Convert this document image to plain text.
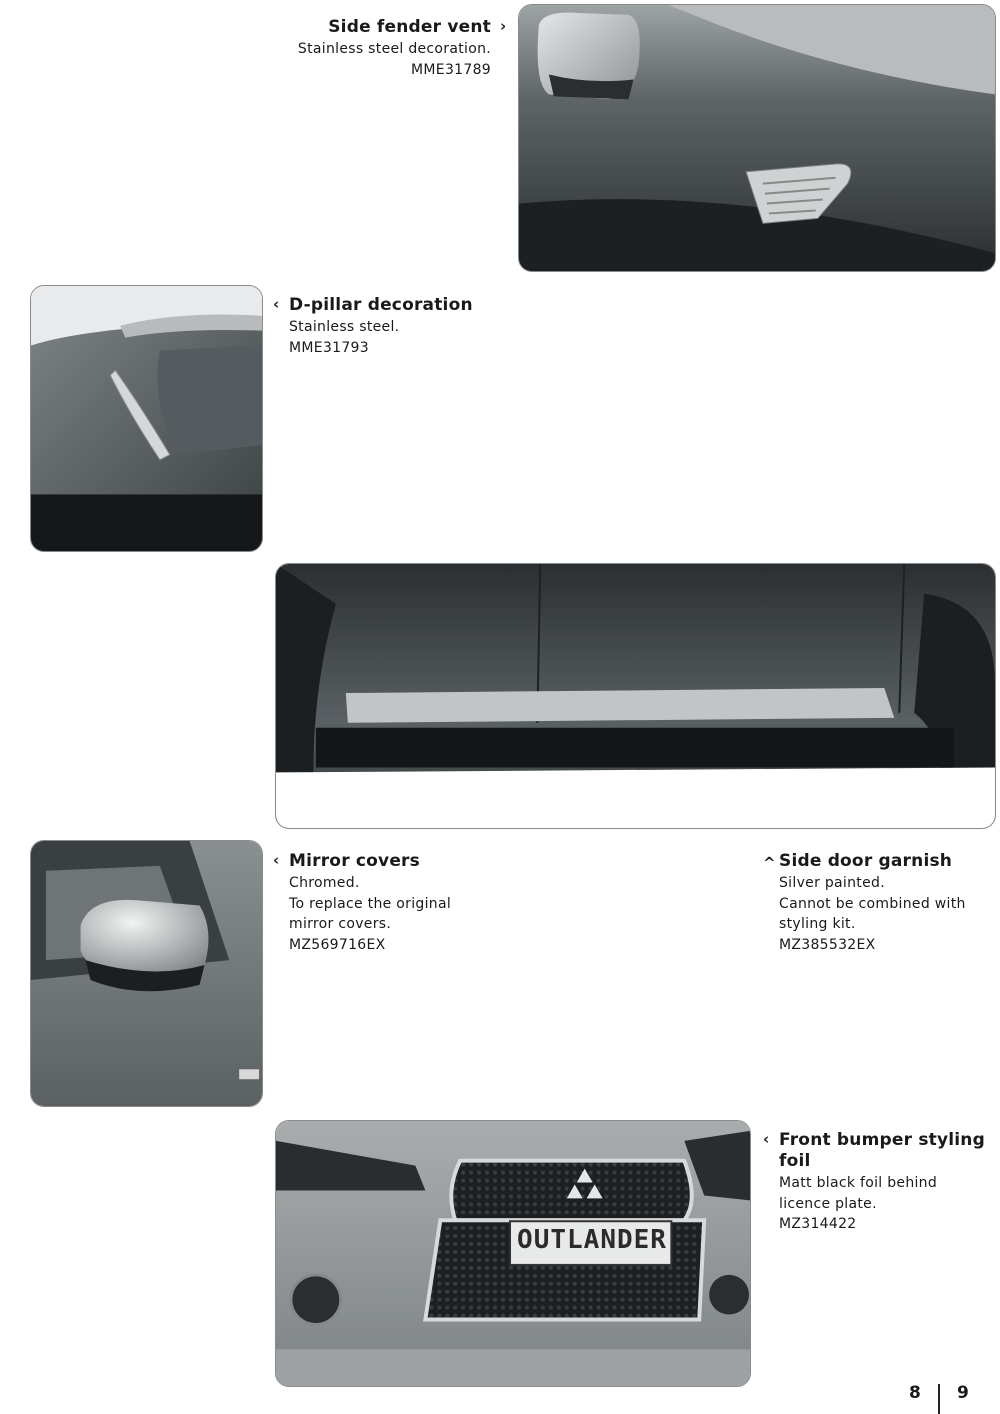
Side fender vent
Stainless steel decoration.
MME31789
›
‹ D-pillar decoration
Stainless steel.
MME31793
‹ Mirror covers
Chromed.
To replace the original
mirror covers.
MZ569716EX
^ Side door garnish
Silver painted.
Cannot be combined with
styling kit.
MZ385532EX
OUTLANDER
‹ Front bumper styling
foil
Matt black foil behind
licence plate.
MZ314422
8 9
